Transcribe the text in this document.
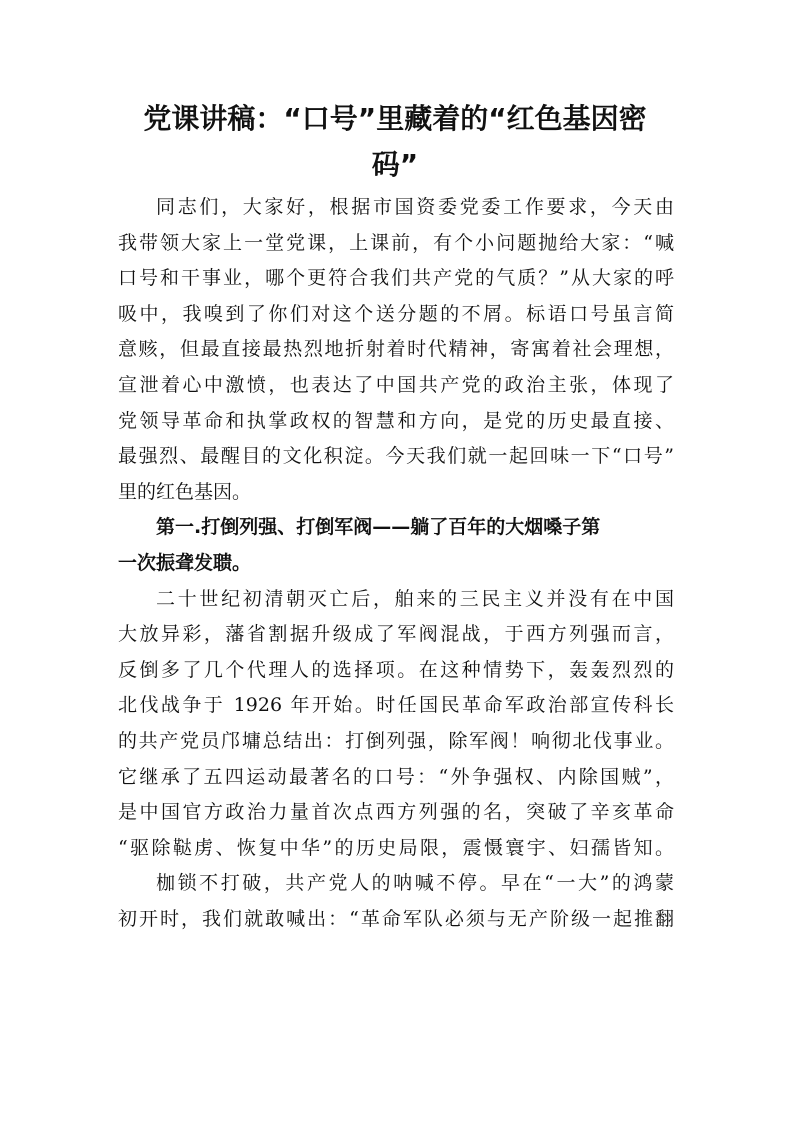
党课讲稿：“口号”里藏着的“红色基因密
码”
同志们，大家好，根据市国资委党委工作要求，今天由
我带领大家上一堂党课，上课前，有个小问题抛给大家：“喊
口号和干事业，哪个更符合我们共产党的气质？”从大家的呼
吸中，我嗅到了你们对这个送分题的不屑。标语口号虽言简
意赅，但最直接最热烈地折射着时代精神，寄寓着社会理想，
宣泄着心中激愤，也表达了中国共产党的政治主张，体现了
党领导革命和执掌政权的智慧和方向，是党的历史最直接、
最强烈、最醒目的文化积淀。今天我们就一起回味一下“口号”
里的红色基因。
第一.打倒列强、打倒军阀——躺了百年的大烟嗓子第 一次振聋发聩。
二十世纪初清朝灭亡后，舶来的三民主义并没有在中国
大放异彩，藩省割据升级成了军阀混战，于西方列强而言，
反倒多了几个代理人的选择项。在这种情势下，轰轰烈烈的
北伐战争于 1926 年开始。时任国民革命军政治部宣传科长
的共产党员邝墉总结出：打倒列强，除军阀！响彻北伐事业。
它继承了五四运动最著名的口号：“外争强权、内除国贼”，
是中国官方政治力量首次点西方列强的名，突破了辛亥革命
“驱除鞑虏、恢复中华”的历史局限，震慑寰宇、妇孺皆知。
枷锁不打破，共产党人的呐喊不停。早在“一大”的鸿蒙
初开时，我们就敢喊出：“革命军队必须与无产阶级一起推翻
